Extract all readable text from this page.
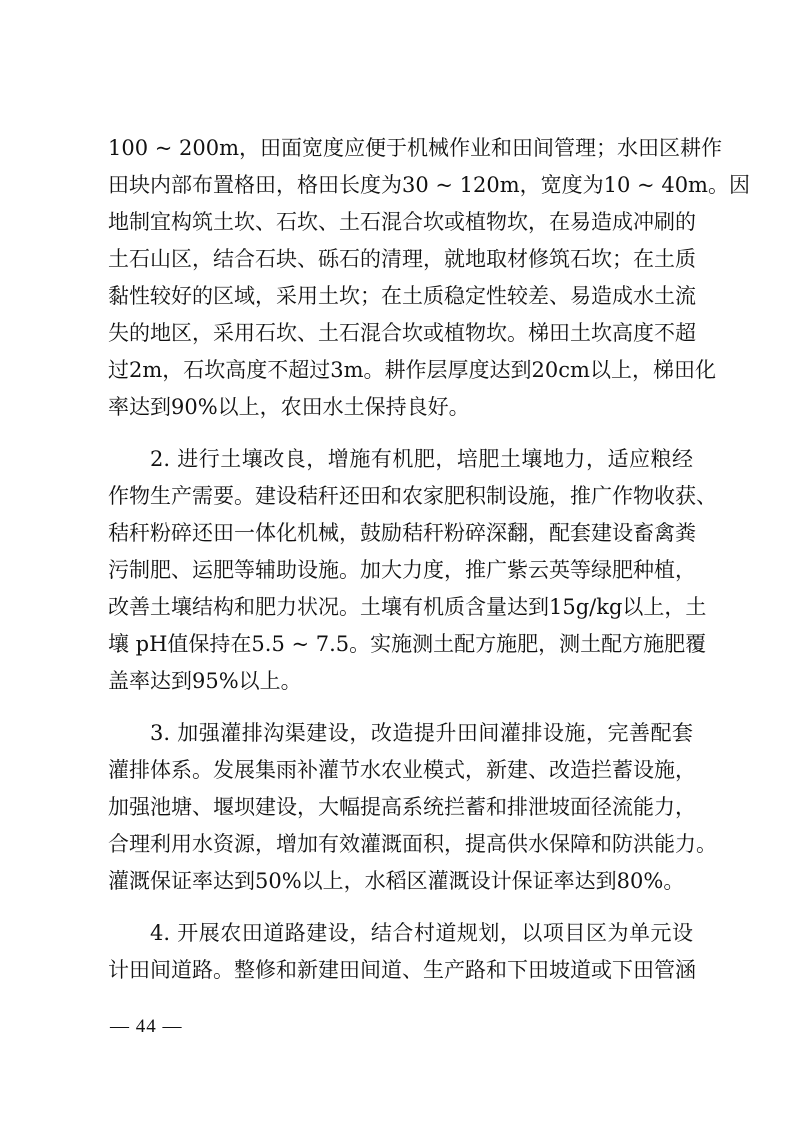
100 ~ 200m，田面宽度应便于机械作业和田间管理；水田区耕作
田块内部布置格田，格田长度为30 ~ 120m，宽度为10 ~ 40m。因
地制宜构筑土坎、石坎、土石混合坎或植物坎，在易造成冲刷的
土石山区，结合石块、砾石的清理，就地取材修筑石坎；在土质
黏性较好的区域，采用土坎；在土质稳定性较差、易造成水土流
失的地区，采用石坎、土石混合坎或植物坎。梯田土坎高度不超
过2m，石坎高度不超过3m。耕作层厚度达到20cm以上，梯田化
率达到90%以上，农田水土保持良好。
2. 进行土壤改良，增施有机肥，培肥土壤地力，适应粮经
作物生产需要。建设秸秆还田和农家肥积制设施，推广作物收获、
秸秆粉碎还田一体化机械，鼓励秸秆粉碎深翻，配套建设畜禽粪
污制肥、运肥等辅助设施。加大力度，推广紫云英等绿肥种植，
改善土壤结构和肥力状况。土壤有机质含量达到15g/kg以上，土
壤 pH值保持在5.5 ~ 7.5。实施测土配方施肥，测土配方施肥覆
盖率达到95%以上。
3. 加强灌排沟渠建设，改造提升田间灌排设施，完善配套
灌排体系。发展集雨补灌节水农业模式，新建、改造拦蓄设施，
加强池塘、堰坝建设，大幅提高系统拦蓄和排泄坡面径流能力，
合理利用水资源，增加有效灌溉面积，提高供水保障和防洪能力。
灌溉保证率达到50%以上，水稻区灌溉设计保证率达到80%。
4. 开展农田道路建设，结合村道规划，以项目区为单元设
计田间道路。整修和新建田间道、生产路和下田坡道或下田管涵
— 44 —
